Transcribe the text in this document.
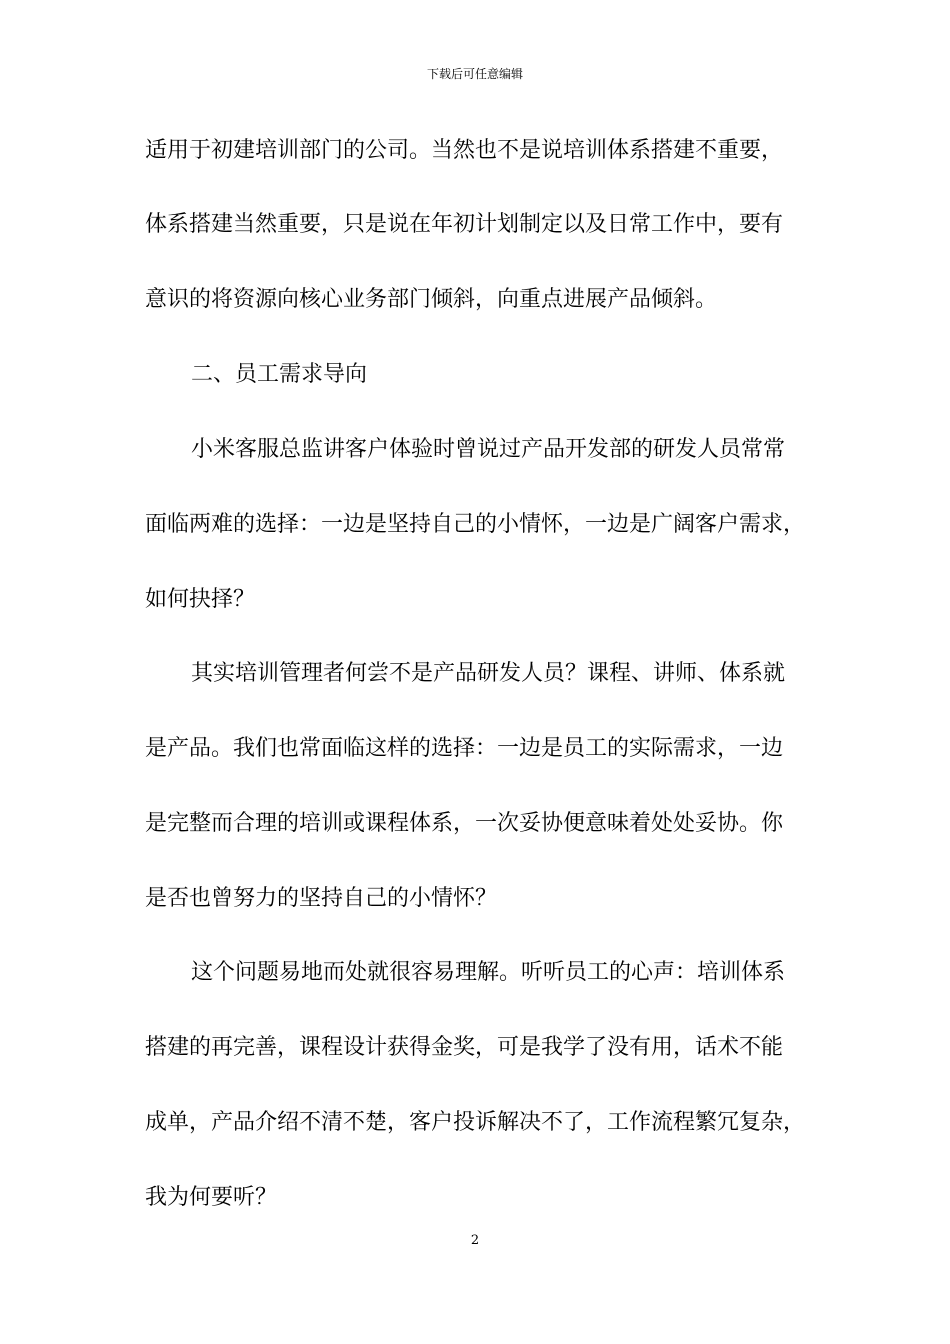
下载后可任意编辑
适用于初建培训部门的公司。当然也不是说培训体系搭建不重要，
体系搭建当然重要，只是说在年初计划制定以及日常工作中，要有
意识的将资源向核心业务部门倾斜，向重点进展产品倾斜。
二、员工需求导向
小米客服总监讲客户体验时曾说过产品开发部的研发人员常常
面临两难的选择：一边是坚持自己的小情怀，一边是广阔客户需求，
如何抉择？
其实培训管理者何尝不是产品研发人员？课程、讲师、体系就
是产品。我们也常面临这样的选择：一边是员工的实际需求，一边
是完整而合理的培训或课程体系，一次妥协便意味着处处妥协。你
是否也曾努力的坚持自己的小情怀？
这个问题易地而处就很容易理解。听听员工的心声：培训体系
搭建的再完善，课程设计获得金奖，可是我学了没有用，话术不能
成单，产品介绍不清不楚，客户投诉解决不了，工作流程繁冗复杂，
我为何要听？
2
